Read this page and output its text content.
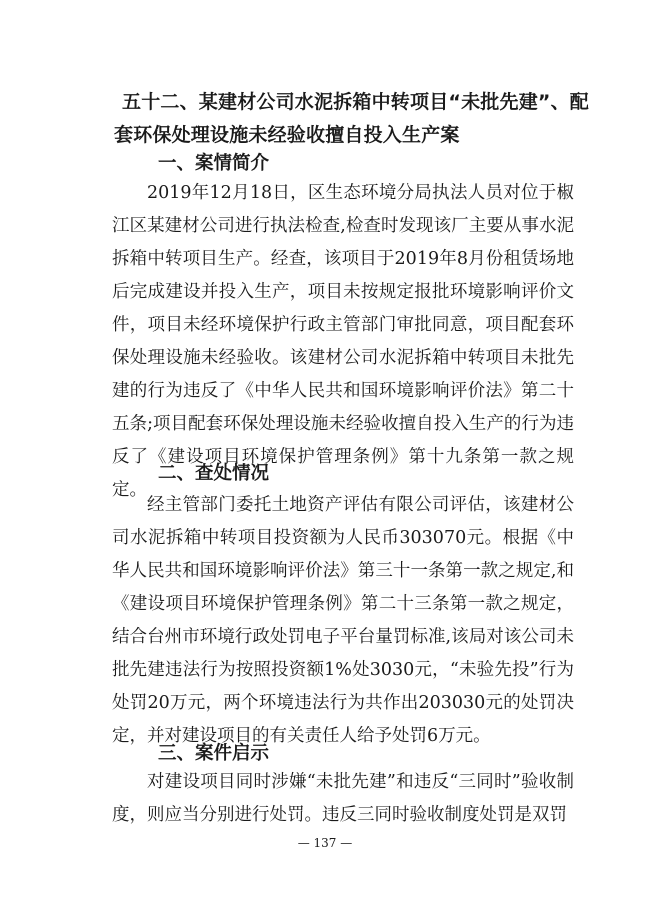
五十二、某建材公司水泥拆箱中转项目“未批先建”、配
套环保处理设施未经验收擅自投入生产案
一、案情简介
2019年12月18日，区生态环境分局执法人员对位于椒江区某建材公司进行执法检查,检查时发现该厂主要从事水泥拆箱中转项目生产。经查，该项目于2019年8月份租赁场地后完成建设并投入生产，项目未按规定报批环境影响评价文件，项目未经环境保护行政主管部门审批同意，项目配套环保处理设施未经验收。该建材公司水泥拆箱中转项目未批先建的行为违反了《中华人民共和国环境影响评价法》第二十五条;项目配套环保处理设施未经验收擅自投入生产的行为违反了《建设项目环境保护管理条例》第十九条第一款之规定。
二、查处情况
经主管部门委托土地资产评估有限公司评估，该建材公司水泥拆箱中转项目投资额为人民币303070元。根据《中华人民共和国环境影响评价法》第三十一条第一款之规定,和《建设项目环境保护管理条例》第二十三条第一款之规定，结合台州市环境行政处罚电子平台量罚标准,该局对该公司未批先建违法行为按照投资额1%处3030元，“未验先投”行为处罚20万元，两个环境违法行为共作出203030元的处罚决定，并对建设项目的有关责任人给予处罚6万元。
三、案件启示
对建设项目同时涉嫌“未批先建”和违反“三同时”验收制度，则应当分别进行处罚。违反三同时验收制度处罚是双罚
— 137 —
